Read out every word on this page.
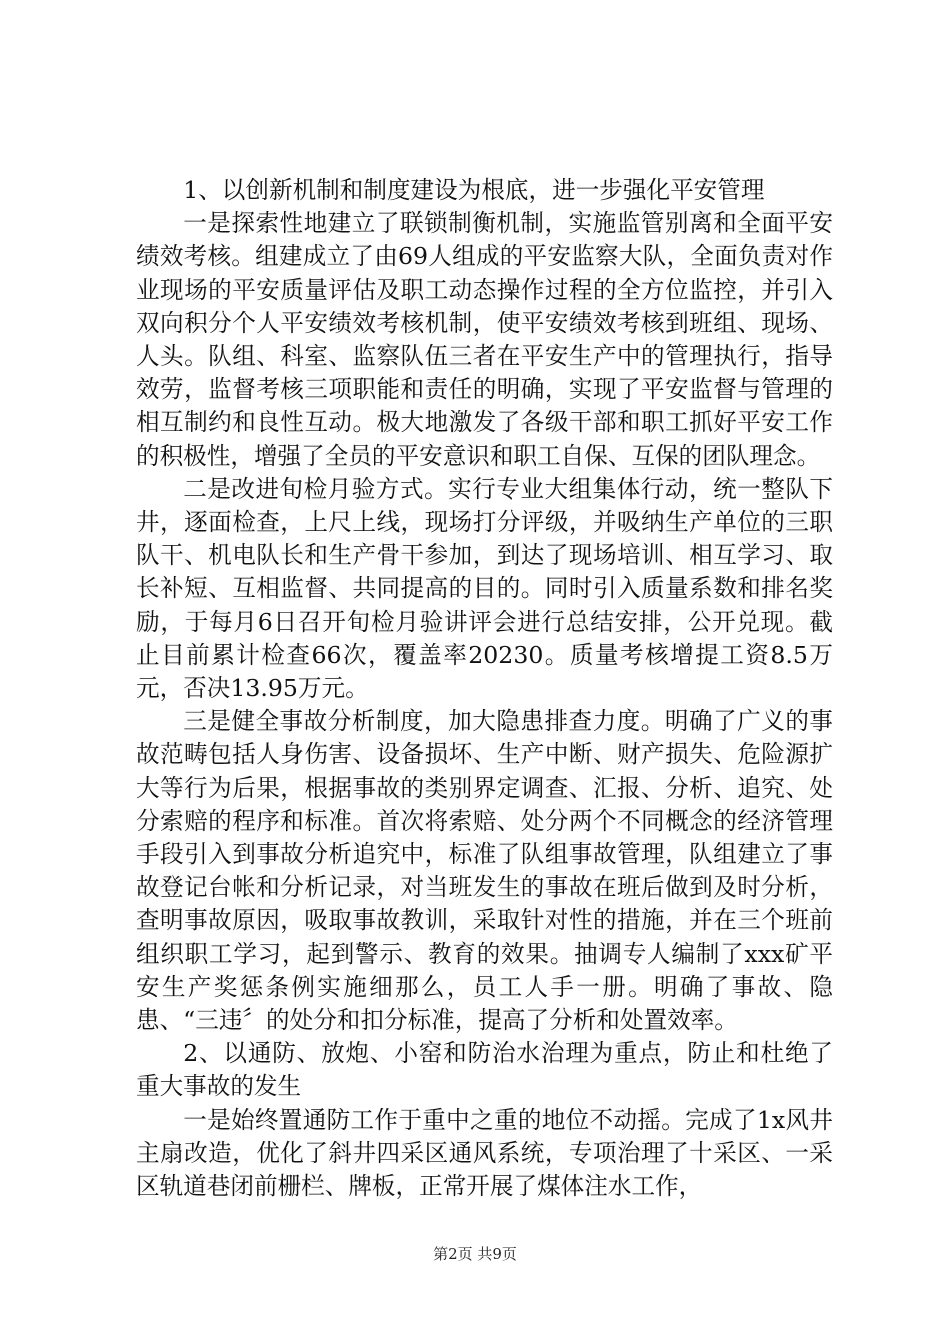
1、以创新机制和制度建设为根底，进一步强化平安管理

一是探索性地建立了联锁制衡机制，实施监管别离和全面平安绩效考核。组建成立了由69人组成的平安监察大队，全面负责对作业现场的平安质量评估及职工动态操作过程的全方位监控，并引入双向积分个人平安绩效考核机制，使平安绩效考核到班组、现场、人头。队组、科室、监察队伍三者在平安生产中的管理执行，指导效劳，监督考核三项职能和责任的明确，实现了平安监督与管理的相互制约和良性互动。极大地激发了各级干部和职工抓好平安工作的积极性，增强了全员的平安意识和职工自保、互保的团队理念。

二是改进旬检月验方式。实行专业大组集体行动，统一整队下井，逐面检查，上尺上线，现场打分评级，并吸纳生产单位的三职队干、机电队长和生产骨干参加，到达了现场培训、相互学习、取长补短、互相监督、共同提高的目的。同时引入质量系数和排名奖励，于每月6日召开旬检月验讲评会进行总结安排，公开兑现。截止目前累计检查66次，覆盖率20230。质量考核增提工资8.5万元，否决13.95万元。

三是健全事故分析制度，加大隐患排查力度。明确了广义的事故范畴包括人身伤害、设备损坏、生产中断、财产损失、危险源扩大等行为后果，根据事故的类别界定调查、汇报、分析、追究、处分索赔的程序和标准。首次将索赔、处分两个不同概念的经济管理手段引入到事故分析追究中，标准了队组事故管理，队组建立了事故登记台帐和分析记录，对当班发生的事故在班后做到及时分析，查明事故原因，吸取事故教训，采取针对性的措施，并在三个班前组织职工学习，起到警示、教育的效果。抽调专人编制了xxx矿平安生产奖惩条例实施细那么，员工人手一册。明确了事故、隐患、“三违〞的处分和扣分标准，提高了分析和处置效率。

2、以通防、放炮、小窑和防治水治理为重点，防止和杜绝了重大事故的发生

一是始终置通防工作于重中之重的地位不动摇。完成了1x风井主扇改造，优化了斜井四采区通风系统，专项治理了十采区、一采区轨道巷闭前栅栏、牌板，正常开展了煤体注水工作，

第2页 共9页
